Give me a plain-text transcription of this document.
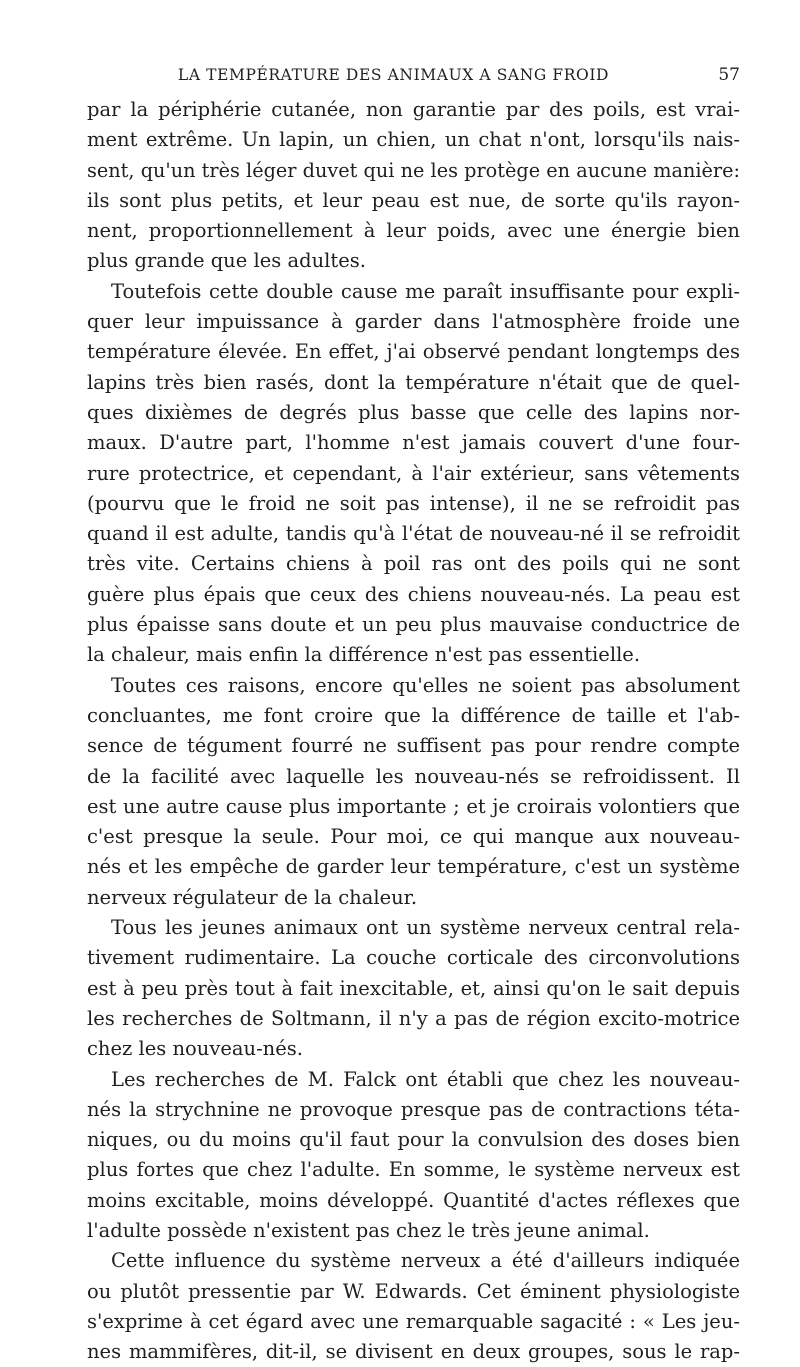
LA TEMPÉRATURE DES ANIMAUX A SANG FROID	57
par la périphérie cutanée, non garantie par des poils, est vrai-
ment extrême. Un lapin, un chien, un chat n'ont, lorsqu'ils nais-
sent, qu'un très léger duvet qui ne les protège en aucune manière:
ils sont plus petits, et leur peau est nue, de sorte qu'ils rayon-
nent, proportionnellement à leur poids, avec une énergie bien
plus grande que les adultes.
Toutefois cette double cause me paraît insuffisante pour expli-
quer leur impuissance à garder dans l'atmosphère froide une
température élevée. En effet, j'ai observé pendant longtemps des
lapins très bien rasés, dont la température n'était que de quel-
ques dixièmes de degrés plus basse que celle des lapins nor-
maux. D'autre part, l'homme n'est jamais couvert d'une four-
rure protectrice, et cependant, à l'air extérieur, sans vêtements
(pourvu que le froid ne soit pas intense), il ne se refroidit pas
quand il est adulte, tandis qu'à l'état de nouveau-né il se refroidit
très vite. Certains chiens à poil ras ont des poils qui ne sont
guère plus épais que ceux des chiens nouveau-nés. La peau est
plus épaisse sans doute et un peu plus mauvaise conductrice de
la chaleur, mais enfin la différence n'est pas essentielle.
Toutes ces raisons, encore qu'elles ne soient pas absolument
concluantes, me font croire que la différence de taille et l'ab-
sence de tégument fourré ne suffisent pas pour rendre compte
de la facilité avec laquelle les nouveau-nés se refroidissent. Il
est une autre cause plus importante ; et je croirais volontiers que
c'est presque la seule. Pour moi, ce qui manque aux nouveau-
nés et les empêche de garder leur température, c'est un système
nerveux régulateur de la chaleur.
Tous les jeunes animaux ont un système nerveux central rela-
tivement rudimentaire. La couche corticale des circonvolutions
est à peu près tout à fait inexcitable, et, ainsi qu'on le sait depuis
les recherches de Soltmann, il n'y a pas de région excito-motrice
chez les nouveau-nés.
Les recherches de M. Falck ont établi que chez les nouveau-
nés la strychnine ne provoque presque pas de contractions téta-
niques, ou du moins qu'il faut pour la convulsion des doses bien
plus fortes que chez l'adulte. En somme, le système nerveux est
moins excitable, moins développé. Quantité d'actes réflexes que
l'adulte possède n'existent pas chez le très jeune animal.
Cette influence du système nerveux a été d'ailleurs indiquée
ou plutôt pressentie par W. Edwards. Cet éminent physiologiste
s'exprime à cet égard avec une remarquable sagacité : « Les jeu-
nes mammifères, dit-il, se divisent en deux groupes, sous le rap-
